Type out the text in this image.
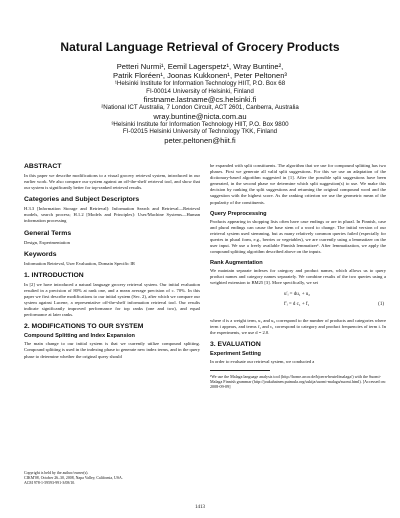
Natural Language Retrieval of Grocery Products
Petteri Nurmi¹, Eemil Lagerspetz¹, Wray Buntine²,
Patrik Floréen¹, Joonas Kukkonen¹, Peter Peltonen³
¹Helsinki Institute for Information Technology HIIT, P.O. Box 68
FI-00014 University of Helsinki, Finland
firstname.lastname@cs.helsinki.fi
²National ICT Australia, 7 London Circuit, ACT 2601, Canberra, Australia
wray.buntine@nicta.com.au
³Helsinki Institute for Information Technology HIIT, P.O. Box 9800
FI-02015 Helsinki University of Technology TKK, Finland
peter.peltonen@hiit.fi
ABSTRACT

In this paper we describe modifications to a visual grocery retrieval system, introduced in our earlier work. We also compare our system against an off-the-shelf retrieval tool, and show that our system is significantly better for top-ranked retrieval results.

Categories and Subject Descriptors

H.3.3 [Information Storage and Retrieval]: Information Search and Retrieval—Retrieval models, search process; H.1.2 [Models and Principles]: User/Machine Systems—Human information processing

General Terms

Design, Experimentation

Keywords

Information Retrieval, User Evaluation, Domain Specific IR

1. INTRODUCTION

In [2] we have introduced a natural language grocery retrieval system. Our initial evaluation resulted in a precision of 80% at rank one, and a mean average precision of c. 70%. In this paper we first describe modifications to our initial system (Sec. 2), after which we compare our system against Lucene, a representative off-the-shelf information retrieval tool. Our results indicate significantly improved performance for top ranks (one and two), and equal performance at later ranks.

2. MODIFICATIONS TO OUR SYSTEM
Compound Splitting and Index Expansion

The main change to our initial system is that we currently utilize compound splitting. Compound splitting is used in the indexing phase to generate new index terms, and in the query phase to determine whether the original query should

Copyright is held by the author/owner(s).
CIKM'08, October 26–30, 2008, Napa Valley, California, USA.
ACM 978-1-59593-991-3/08/10.

be expanded with split constituents. The algorithm that we use for compound splitting has two phases. First we generate all valid split suggestions. For this we use an adaptation of the dictionary-based algorithm suggested in [1]. After the possible split suggestions have been generated, in the second phase we determine which split suggestion(s) to use. We make this decision by ranking the split suggestions and returning the original compound word and the suggestion with the highest score. As the ranking criterion we use the geometric mean of the popularity of the constituents.

Query Preprocessing

Products appearing in shopping lists often have case endings or are in plural. In Finnish, case and plural endings can cause the base stem of a word to change. The initial version of our retrieval system used stemming, but as many relatively common queries failed (especially for queries in plural form, e.g., berries or vegetables), we are currently using a lemmatizer on the user input. We use a freely available Finnish lemmatizer¹. After lemmatization, we apply the compound splitting algorithm described above on the inputs.

Rank Augmentation

We maintain separate indexes for category and product names, which allows us to query product names and category names separately. We combine results of the two queries using a weighted extension to BM25 [3]. More specifically, we set

u′ᵢ = du₁ + u₂
f′ᵢ = d c₁ + f₁	(1)

where d is a weight term, u₁ and u₂ correspond to the number of products and categories where term i appears, and terms f₁ and c₁ correspond to category and product frequencies of term i. In the experiments, we use d = 2.0.

3. EVALUATION
Experiment Setting

In order to evaluate our retrieval system, we conducted a

¹We use the Malaga language analysis tool (http://home.arcor.de/bjoern-beutel/malaga/) with the Suomi-Malaga Finnish grammar (http://joukahainen.puimula.org/sukija/suomi-malaga/suomi.html). [Accessed on: 2008-09-09]
1413
